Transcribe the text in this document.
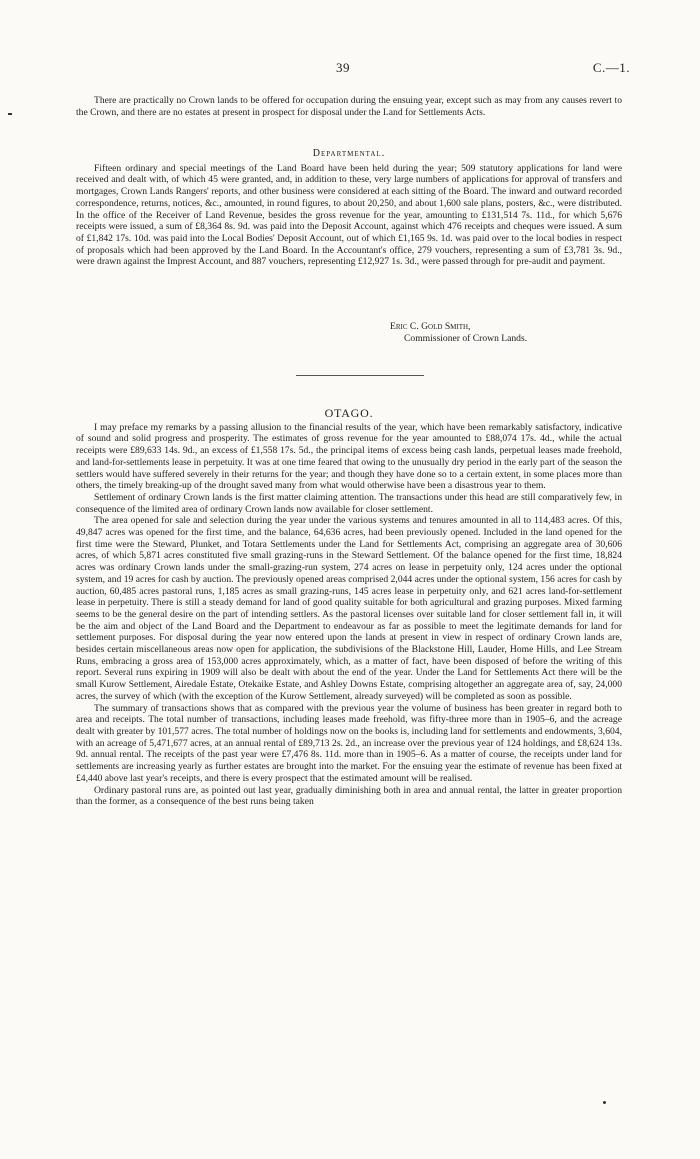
39	C.—1.

There are practically no Crown lands to be offered for occupation during the ensuing year, except such as may from any causes revert to the Crown, and there are no estates at present in prospect for disposal under the Land for Settlements Acts.

Departmental.

Fifteen ordinary and special meetings of the Land Board have been held during the year; 509 statutory applications for land were received and dealt with, of which 45 were granted, and, in addition to these, very large numbers of applications for approval of transfers and mortgages, Crown Lands Rangers' reports, and other business were considered at each sitting of the Board. The inward and outward recorded correspondence, returns, notices, &c., amounted, in round figures, to about 20,250, and about 1,600 sale plans, posters, &c., were distributed. In the office of the Receiver of Land Revenue, besides the gross revenue for the year, amounting to £131,514 7s. 11d., for which 5,676 receipts were issued, a sum of £8,364 8s. 9d. was paid into the Deposit Account, against which 476 receipts and cheques were issued. A sum of £1,842 17s. 10d. was paid into the Local Bodies' Deposit Account, out of which £1,165 9s. 1d. was paid over to the local bodies in respect of proposals which had been approved by the Land Board. In the Accountant's office, 279 vouchers, representing a sum of £3,781 3s. 9d., were drawn against the Imprest Account, and 887 vouchers, representing £12,927 1s. 3d., were passed through for pre-audit and payment.

Eric C. Gold Smith,
Commissioner of Crown Lands.
OTAGO.

I may preface my remarks by a passing allusion to the financial results of the year, which have been remarkably satisfactory, indicative of sound and solid progress and prosperity. The estimates of gross revenue for the year amounted to £88,074 17s. 4d., while the actual receipts were £89,633 14s. 9d., an excess of £1,558 17s. 5d., the principal items of excess being cash lands, perpetual leases made freehold, and land-for-settlements lease in perpetuity. It was at one time feared that owing to the unusually dry period in the early part of the season the settlers would have suffered severely in their returns for the year; and though they have done so to a certain extent, in some places more than others, the timely breaking-up of the drought saved many from what would otherwise have been a disastrous year to them.

Settlement of ordinary Crown lands is the first matter claiming attention. The transactions under this head are still comparatively few, in consequence of the limited area of ordinary Crown lands now available for closer settlement.

The area opened for sale and selection during the year under the various systems and tenures amounted in all to 114,483 acres. Of this, 49,847 acres was opened for the first time, and the balance, 64,636 acres, had been previously opened. Included in the land opened for the first time were the Steward, Plunket, and Totara Settlements under the Land for Settlements Act, comprising an aggregate area of 30,606 acres, of which 5,871 acres constituted five small grazing-runs in the Steward Settlement. Of the balance opened for the first time, 18,824 acres was ordinary Crown lands under the small-grazing-run system, 274 acres on lease in perpetuity only, 124 acres under the optional system, and 19 acres for cash by auction. The previously opened areas comprised 2,044 acres under the optional system, 156 acres for cash by auction, 60,485 acres pastoral runs, 1,185 acres as small grazing-runs, 145 acres lease in perpetuity only, and 621 acres land-for-settlement lease in perpetuity. There is still a steady demand for land of good quality suitable for both agricultural and grazing purposes. Mixed farming seems to be the general desire on the part of intending settlers. As the pastoral licenses over suitable land for closer settlement fall in, it will be the aim and object of the Land Board and the Department to endeavour as far as possible to meet the legitimate demands for land for settlement purposes. For disposal during the year now entered upon the lands at present in view in respect of ordinary Crown lands are, besides certain miscellaneous areas now open for application, the subdivisions of the Blackstone Hill, Lauder, Home Hills, and Lee Stream Runs, embracing a gross area of 153,000 acres approximately, which, as a matter of fact, have been disposed of before the writing of this report. Several runs expiring in 1909 will also be dealt with about the end of the year. Under the Land for Settlements Act there will be the small Kurow Settlement, Airedale Estate, Otekaike Estate, and Ashley Downs Estate, comprising altogether an aggregate area of, say, 24,000 acres, the survey of which (with the exception of the Kurow Settlement, already surveyed) will be completed as soon as possible.

The summary of transactions shows that as compared with the previous year the volume of business has been greater in regard both to area and receipts. The total number of transactions, including leases made freehold, was fifty-three more than in 1905–6, and the acreage dealt with greater by 101,577 acres. The total number of holdings now on the books is, including land for settlements and endowments, 3,604, with an acreage of 5,471,677 acres, at an annual rental of £89,713 2s. 2d., an increase over the previous year of 124 holdings, and £8,624 13s. 9d. annual rental. The receipts of the past year were £7,476 8s. 11d. more than in 1905–6. As a matter of course, the receipts under land for settlements are increasing yearly as further estates are brought into the market. For the ensuing year the estimate of revenue has been fixed at £4,440 above last year's receipts, and there is every prospect that the estimated amount will be realised.

Ordinary pastoral runs are, as pointed out last year, gradually diminishing both in area and annual rental, the latter in greater proportion than the former, as a consequence of the best runs being taken
